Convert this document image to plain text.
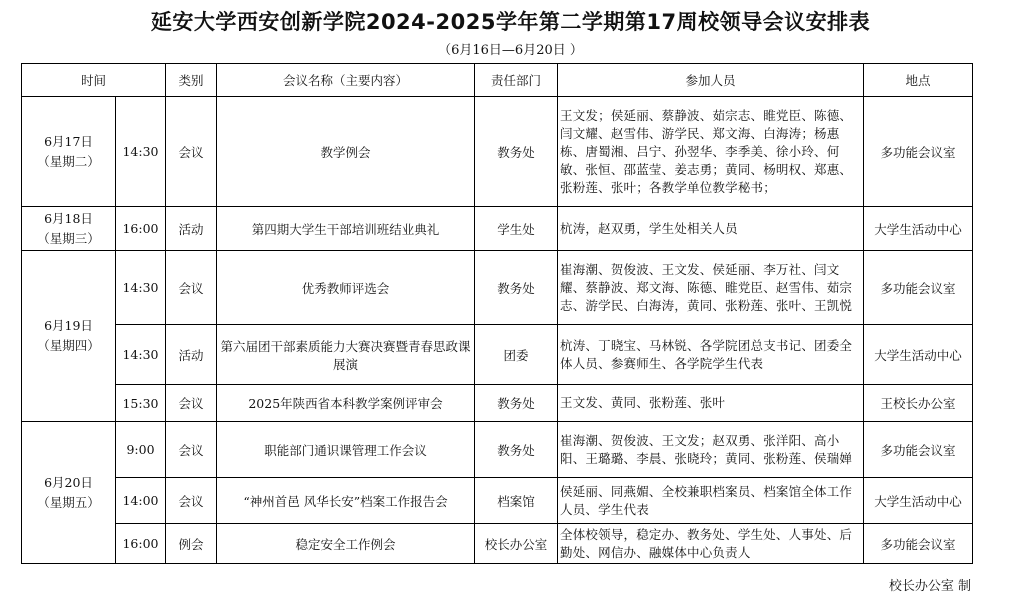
延安大学西安创新学院2024-2025学年第二学期第17周校领导会议安排表
（6月16日—6月20日 ）
时间		类别	会议名称（主要内容）	责任部门	参加人员	地点

6月17日
（星期二）	14:30	会议	教学例会	教务处	王文发；侯延丽、蔡静波、茹宗志、睢党臣、陈德、闫文耀、赵雪伟、游学民、郑文海、白海涛；杨惠栋、唐蜀湘、吕宁、孙翌华、李季美、徐小玲、何敏、张恒、邵蓝莹、姜志勇；黄同、杨明权、郑惠、张粉莲、张叶；各教学单位教学秘书；	多功能会议室

6月18日
（星期三）	16:00	活动	第四期大学生干部培训班结业典礼	学生处	杭涛，赵双勇，学生处相关人员	大学生活动中心

6月19日
（星期四）	14:30	会议	优秀教师评选会	教务处	崔海潮、贺俊波、王文发、侯延丽、李万社、闫文耀、蔡静波、郑文海、陈德、睢党臣、赵雪伟、茹宗志、游学民、白海涛，黄同、张粉莲、张叶、王凯悦	多功能会议室
	14:30	活动	第六届团干部素质能力大赛决赛暨青春思政课展演	团委	杭涛、丁晓宝、马林锐、各学院团总支书记、团委全体人员、参赛师生、各学院学生代表	大学生活动中心
	15:30	会议	2025年陕西省本科教学案例评审会	教务处	王文发、黄同、张粉莲、张叶	王校长办公室

6月20日
（星期五）	9:00	会议	职能部门通识课管理工作会议	教务处	崔海潮、贺俊波、王文发；赵双勇、张洋阳、高小阳、王璐璐、李晨、张晓玲；黄同、张粉莲、侯瑞婵	多功能会议室
	14:00	会议	“神州首邑 风华长安”档案工作报告会	档案馆	侯延丽、同燕媚、全校兼职档案员、档案馆全体工作人员、学生代表	大学生活动中心
	16:00	例会	稳定安全工作例会	校长办公室	全体校领导，稳定办、教务处、学生处、人事处、后勤处、网信办、融媒体中心负责人	多功能会议室
校长办公室 制
